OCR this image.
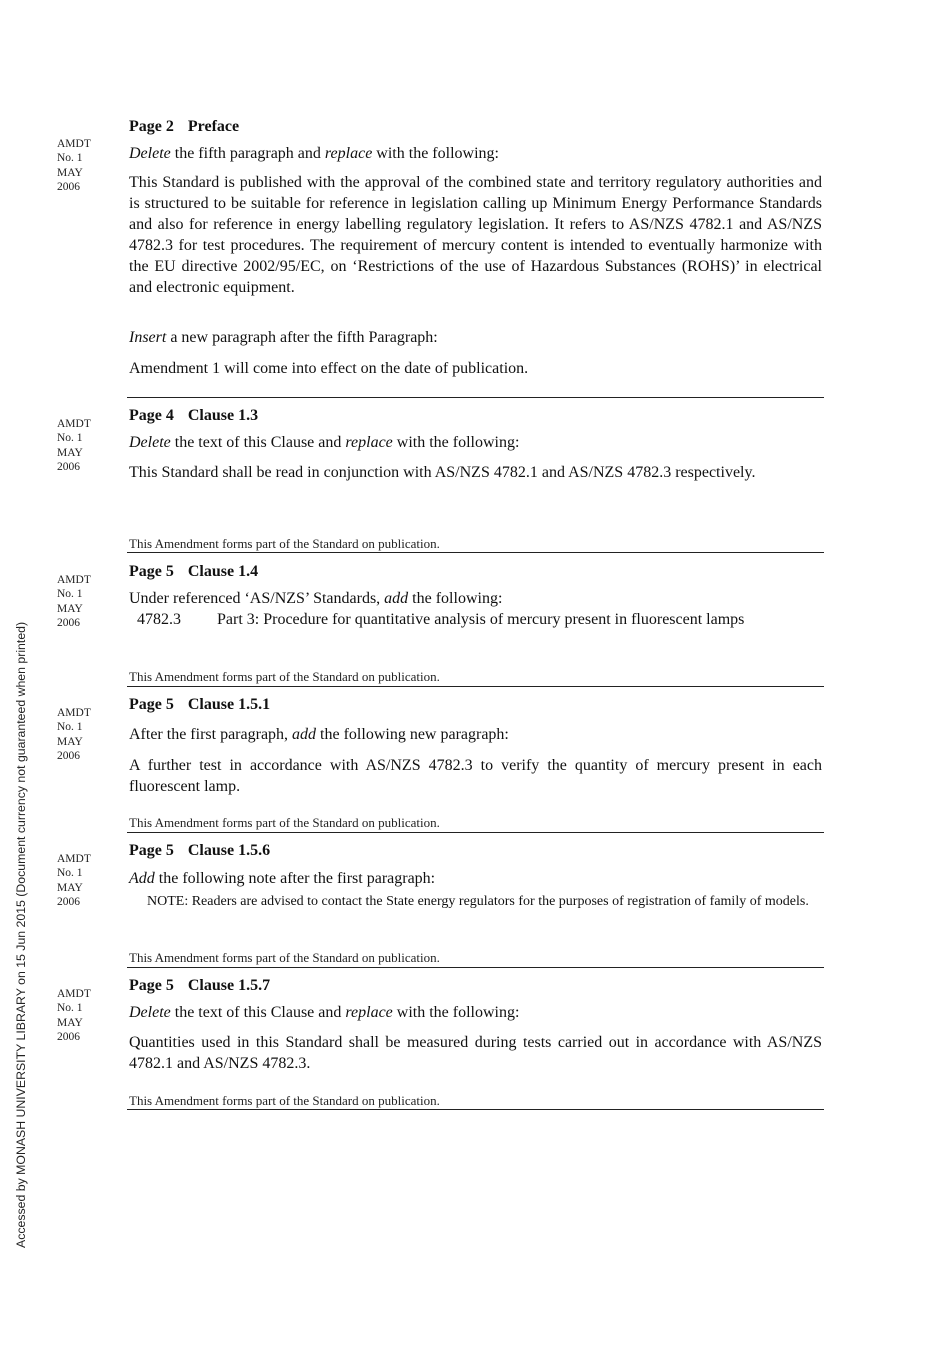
Accessed by MONASH UNIVERSITY LIBRARY on 15 Jun 2015 (Document currency not guaranteed when printed)
AMDT
No. 1
MAY
2006
Page 2 Preface
Delete the fifth paragraph and replace with the following:
This Standard is published with the approval of the combined state and territory regulatory authorities and is structured to be suitable for reference in legislation calling up Minimum Energy Performance Standards and also for reference in energy labelling regulatory legislation. It refers to AS/NZS 4782.1 and AS/NZS 4782.3 for test procedures. The requirement of mercury content is intended to eventually harmonize with the EU directive 2002/95/EC, on ‘Restrictions of the use of Hazardous Substances (ROHS)’ in electrical and electronic equipment.
Insert a new paragraph after the fifth Paragraph:
Amendment 1 will come into effect on the date of publication.
AMDT
No. 1
MAY
2006
Page 4 Clause 1.3
Delete the text of this Clause and replace with the following:
This Standard shall be read in conjunction with AS/NZS 4782.1 and AS/NZS 4782.3 respectively.
This Amendment forms part of the Standard on publication.
AMDT
No. 1
MAY
2006
Page 5 Clause 1.4
Under referenced ‘AS/NZS’ Standards, add the following:
4782.3 Part 3: Procedure for quantitative analysis of mercury present in fluorescent lamps
This Amendment forms part of the Standard on publication.
AMDT
No. 1
MAY
2006
Page 5 Clause 1.5.1
After the first paragraph, add the following new paragraph:
A further test in accordance with AS/NZS 4782.3 to verify the quantity of mercury present in each fluorescent lamp.
This Amendment forms part of the Standard on publication.
AMDT
No. 1
MAY
2006
Page 5 Clause 1.5.6
Add the following note after the first paragraph:
NOTE: Readers are advised to contact the State energy regulators for the purposes of registration of family of models.
This Amendment forms part of the Standard on publication.
AMDT
No. 1
MAY
2006
Page 5 Clause 1.5.7
Delete the text of this Clause and replace with the following:
Quantities used in this Standard shall be measured during tests carried out in accordance with AS/NZS 4782.1 and AS/NZS 4782.3.
This Amendment forms part of the Standard on publication.
